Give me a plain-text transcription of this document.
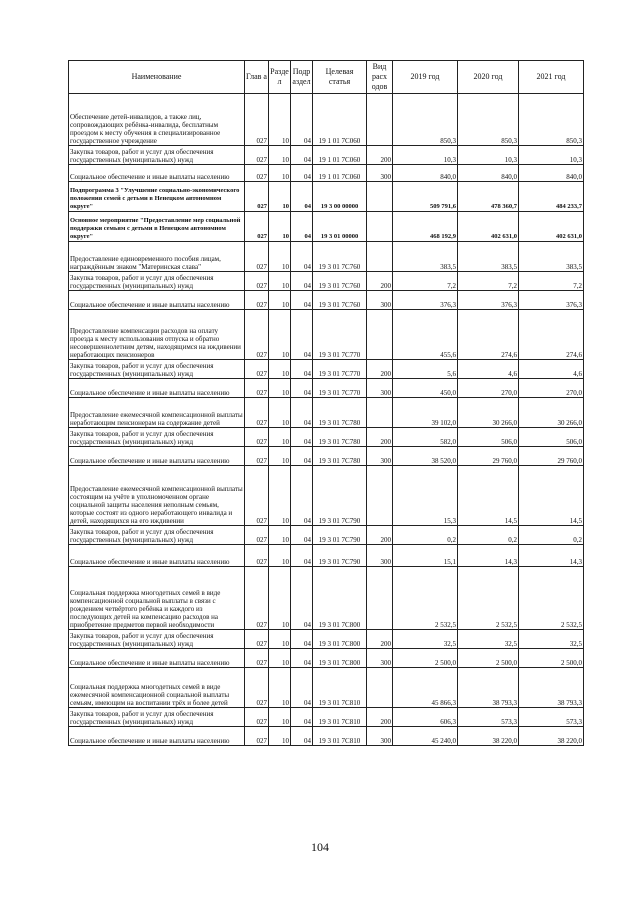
Наименование	Глав а	Разде л	Подр аздел	Целевая статья	Вид расх одов	2019 год	2020 год	2021 год
Обеспечение детей-инвалидов, а также лиц, сопровождающих ребёнка-инвалида, бесплатным проездом к месту обучения в специализированное государственное учреждение	027	10	04	19 1 01 7С060		850,3	850,3	850,3
Закупка товаров, работ и услуг для обеспечения государственных (муниципальных) нужд	027	10	04	19 1 01 7С060	200	10,3	10,3	10,3
Социальное обеспечение и иные выплаты населению	027	10	04	19 1 01 7С060	300	840,0	840,0	840,0
Подпрограмма 3 "Улучшение социально-экономического положения семей с детьми в Ненецком автономном округе"	027	10	04	19 3 00 00000		509 791,6	478 360,7	484 233,7
Основное мероприятие "Предоставление мер социальной поддержки семьям с детьми в Ненецком автономном округе"	027	10	04	19 3 01 00000		468 192,9	402 631,0	402 631,0
Предоставление единовременного пособия лицам, награждённым знаком "Материнская слава"	027	10	04	19 3 01 7С760		383,5	383,5	383,5
Закупка товаров, работ и услуг для обеспечения государственных (муниципальных) нужд	027	10	04	19 3 01 7С760	200	7,2	7,2	7,2
Социальное обеспечение и иные выплаты населению	027	10	04	19 3 01 7С760	300	376,3	376,3	376,3
Предоставление компенсации расходов на оплату проезда к месту использования отпуска и обратно несовершеннолетним детям, находящимся на иждивении неработающих пенсионеров	027	10	04	19 3 01 7С770		455,6	274,6	274,6
Закупка товаров, работ и услуг для обеспечения государственных (муниципальных) нужд	027	10	04	19 3 01 7С770	200	5,6	4,6	4,6
Социальное обеспечение и иные выплаты населению	027	10	04	19 3 01 7С770	300	450,0	270,0	270,0
Предоставление ежемесячной компенсационной выплаты неработающим пенсионерам на содержание детей	027	10	04	19 3 01 7С780		39 102,0	30 266,0	30 266,0
Закупка товаров, работ и услуг для обеспечения государственных (муниципальных) нужд	027	10	04	19 3 01 7С780	200	582,0	506,0	506,0
Социальное обеспечение и иные выплаты населению	027	10	04	19 3 01 7С780	300	38 520,0	29 760,0	29 760,0
Предоставление ежемесячной компенсационной выплаты состоящим на учёте в уполномоченном органе социальной защиты населения неполным семьям, которые состоят из одного неработающего инвалида и детей, находящихся на его иждивении	027	10	04	19 3 01 7С790		15,3	14,5	14,5
Закупка товаров, работ и услуг для обеспечения государственных (муниципальных) нужд	027	10	04	19 3 01 7С790	200	0,2	0,2	0,2
Социальное обеспечение и иные выплаты населению	027	10	04	19 3 01 7С790	300	15,1	14,3	14,3
Социальная поддержка многодетных семей в виде компенсационной социальной выплаты в связи с рождением четвёртого ребёнка и каждого из последующих детей на компенсацию расходов на приобретение предметов первой необходимости	027	10	04	19 3 01 7С800		2 532,5	2 532,5	2 532,5
Закупка товаров, работ и услуг для обеспечения государственных (муниципальных) нужд	027	10	04	19 3 01 7С800	200	32,5	32,5	32,5
Социальное обеспечение и иные выплаты населению	027	10	04	19 3 01 7С800	300	2 500,0	2 500,0	2 500,0
Социальная поддержка многодетных семей в виде ежемесячной компенсационной социальной выплаты семьям, имеющим на воспитании трёх и более детей	027	10	04	19 3 01 7С810		45 866,3	38 793,3	38 793,3
Закупка товаров, работ и услуг для обеспечения государственных (муниципальных) нужд	027	10	04	19 3 01 7С810	200	606,3	573,3	573,3
Социальное обеспечение и иные выплаты населению	027	10	04	19 3 01 7С810	300	45 240,0	38 220,0	38 220,0
104
